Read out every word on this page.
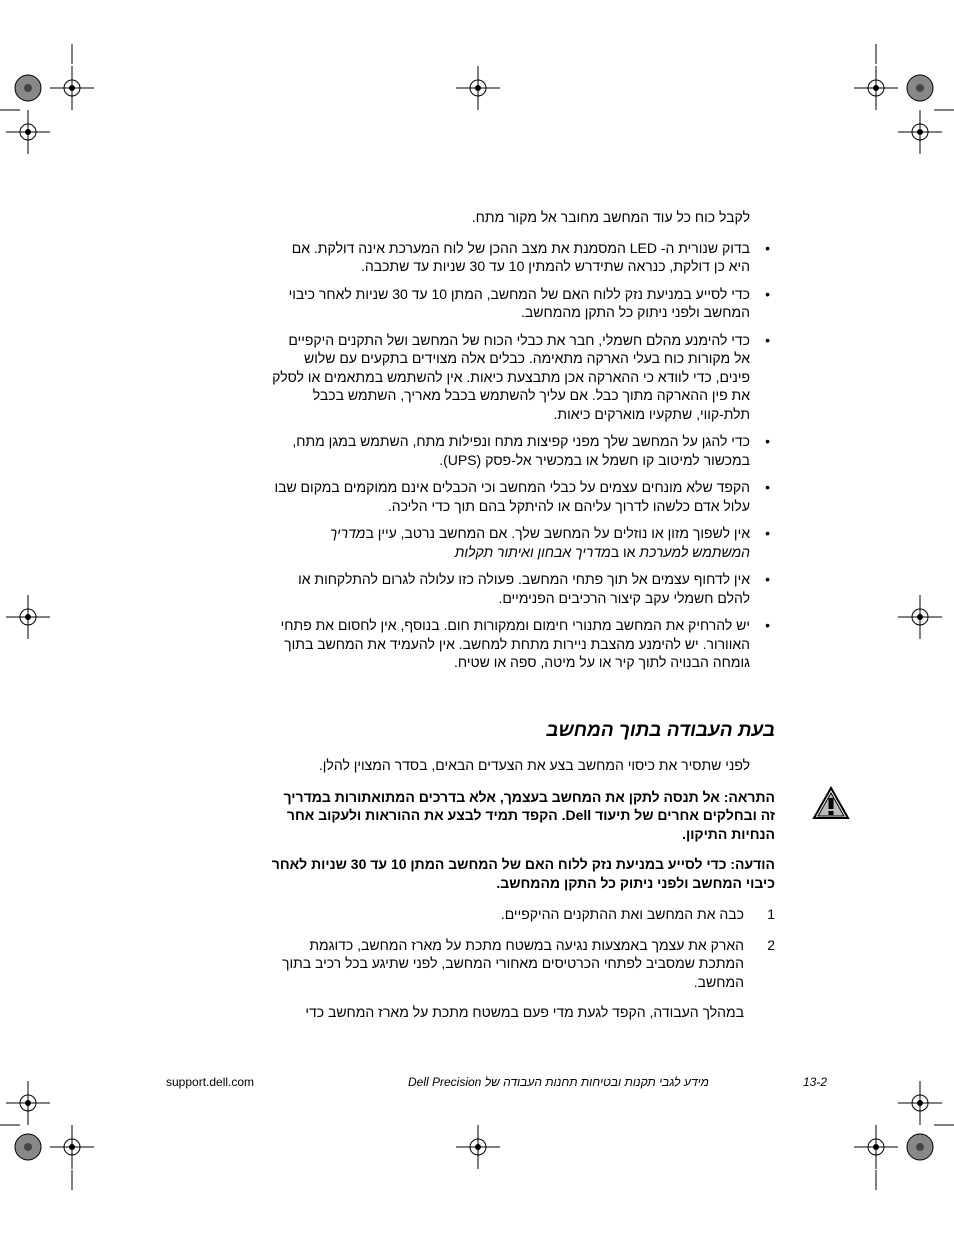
לקבל כוח כל עוד המחשב מחובר אל מקור מתח.

•
בדוק שנורית ה- LED המסמנת את מצב ההכן של לוח המערכת אינה דולקת. אם היא כן דולקת, כנראה שתידרש להמתין 10 עד 30 שניות עד שתכבה.
•
כדי לסייע במניעת נזק ללוח האם של המחשב, המתן 10 עד 30 שניות לאחר כיבוי המחשב ולפני ניתוק כל התקן מהמחשב.
•
כדי להימנע מהלם חשמלי, חבר את כבלי הכוח של המחשב ושל התקנים היקפיים אל מקורות כוח בעלי הארקה מתאימה. כבלים אלה מצוידים בתקעים עם שלוש פינים, כדי לוודא כי ההארקה אכן מתבצעת כיאות. אין להשתמש במתאמים או לסלק את פין ההארקה מתוך כבל. אם עליך להשתמש בכבל מאריך, השתמש בכבל תלת-קווי, שתקעיו מוארקים כיאות.
•
כדי להגן על המחשב שלך מפני קפיצות מתח ונפילות מתח, השתמש במגן מתח, במכשור למיטוב קו חשמל או במכשיר אל-פסק (UPS).
•
הקפד שלא מונחים עצמים על כבלי המחשב וכי הכבלים אינם ממוקמים במקום שבו עלול אדם כלשהו לדרוך עליהם או להיתקל בהם תוך כדי הליכה.
•
אין לשפוך מזון או נוזלים על המחשב שלך. אם המחשב נרטב, עיין במדריך המשתמש למערכת או במדריך אבחון ואיתור תקלות
•
אין לדחוף עצמים אל תוך פתחי המחשב. פעולה כזו עלולה לגרום להתלקחות או להלם חשמלי עקב קיצור הרכיבים הפנימיים.
•
יש להרחיק את המחשב מתנורי חימום וממקורות חום. בנוסף, אין לחסום את פתחי האוורור. יש להימנע מהצבת ניירות מתחת למחשב. אין להעמיד את המחשב בתוך גומחה הבנויה לתוך קיר או על מיטה, ספה או שטיח.
בעת העבודה בתוך המחשב

לפני שתסיר את כיסוי המחשב בצע את הצעדים הבאים, בסדר המצוין להלן.

התראה: אל תנסה לתקן את המחשב בעצמך, אלא בדרכים המתואתורות במדריך זה ובחלקים אחרים של תיעוד Dell. הקפד תמיד לבצע את ההוראות ולעקוב אחר הנחיות התיקון.

הודעה: כדי לסייע במניעת נזק ללוח האם של המחשב המתן 10 עד 30 שניות לאחר כיבוי המחשב ולפני ניתוק כל התקן מהמחשב.

1
כבה את המחשב ואת ההתקנים ההיקפיים.
2
הארק את עצמך באמצעות נגיעה במשטח מתכת על מארז המחשב, כדוגמת המתכת שמסביב לפתחי הכרטיסים מאחורי המחשב, לפני שתיגע בכל רכיב בתוך המחשב.

במהלך העבודה, הקפד לגעת מדי פעם במשטח מתכת על מארז המחשב כדי

support.dell.com	מידע לגבי תקנות ובטיחות תחנות העבודה של Dell Precision	13-2
